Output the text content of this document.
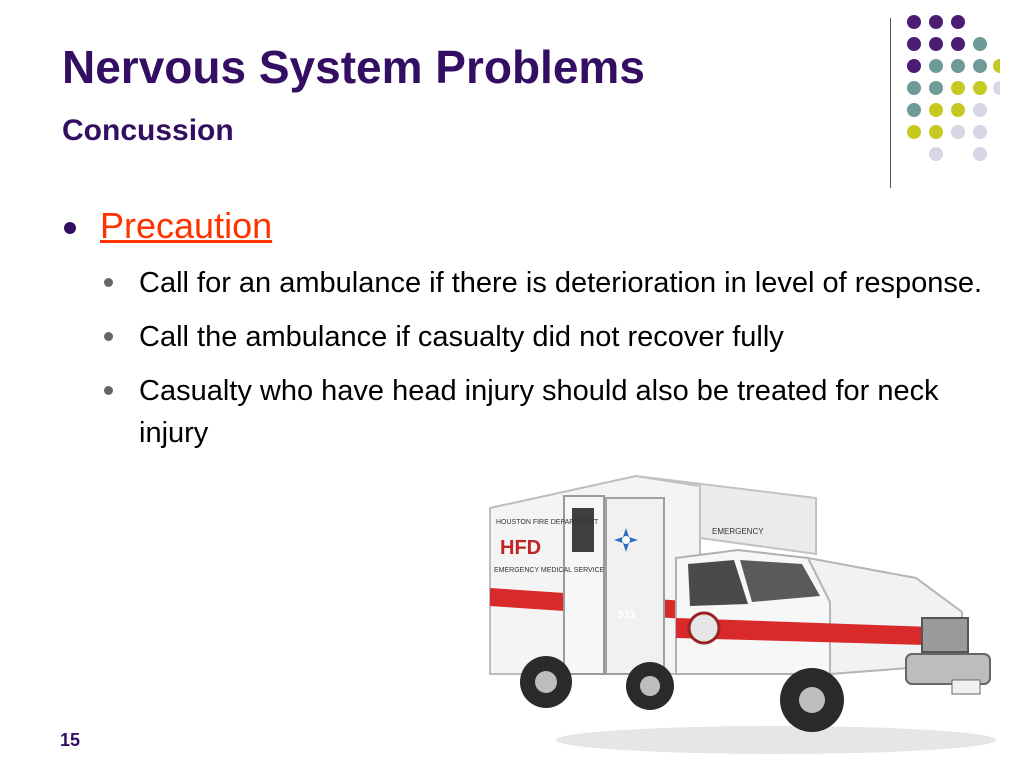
Nervous System Problems
Concussion
Precaution
Call for an ambulance if there is deterioration in level of response.
Call the ambulance if casualty did not recover fully
Casualty who have head injury should also be treated for neck injury
HOUSTON FIRE DEPARTMENT
HFD
EMERGENCY MEDICAL SERVICE
911
EMERGENCY
15
